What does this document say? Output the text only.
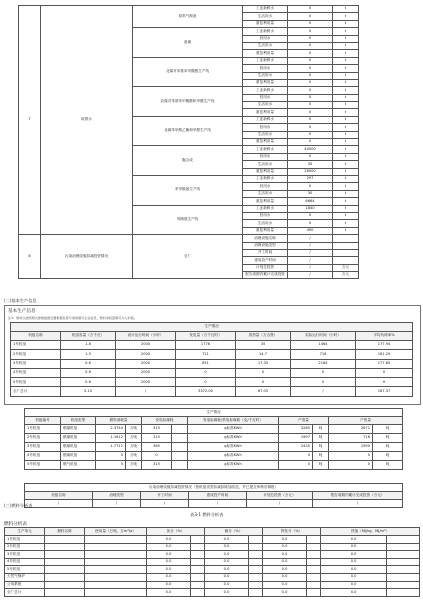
7	取排水	原料气制备	工业新鲜水	0	t
			生活用水	0	t
			重复利用量	0	t
		备煤	工业新鲜水	0	t
			回用水	0	t
			生活用水	0	t
			重复利用量	0	t
		北煤对苯基苯甲酸醛生产线	工业新鲜水	0	t
			回用水	0	t
			生活用水	0	t
			重复利用量	0	t
		北煤对苯基苯甲酸醛和甲醛生产线	工业新鲜水	0	t
			回用水	0	t
			生活用水	0	t
			重复利用量	0	t
		北煤苯甲酸乙酯和甲醛生产线	工业新鲜水	0	t
			回用水	0	t
			生活用水	0	t
			重复利用量	0	t
		甑合成	工业新鲜水	40000	t
			回用水	0	t
			生活用水	30	t
			重复利用量	26000	t
		苯甲酸氨生产线	工业新鲜水	297	t
			回用水	0	t
			生活用水	30	t
			重复利用量	6664	t
		邻硝基生产线	工业新鲜水	1840	t
			回用水	0	t
			生活用水	0	t
			重复利用量	490	t
8	污染治理设施扣减投资情况	全厂	治理设施名称	/	
			治理设施类型	/	
			开工时间	/	
			建成投产时间	/	
			计划总投资	/	万元
			报告周期内累计完成投资	/	万元
(二)基本生产信息
基本生产信息
注1：燃料以按照相关参数数据且要根据其部分划别填写企业信息，燃料消耗量填写为入炉值。
生产情况						
机组名称	机组容量（万千瓦）	设计运行时间（小时）	发电量（万千瓦时）	供热量（万吉焦）	实际运行时间（小时）	平均负荷率%
1号机组	1.8	2000	1776	35	1464	177.94
2号机组	1.5	2000	721	14.7	716	161.29
3号机组	0.6	2000	851	17.35	2184	177.65
4号机组	0.6	2000	0	0	0	0
5号机组	0.6	2000	0	0	0	0
全厂总计	5.10	/	3372.00	67.05	/	167.37
生产情况										
机组编号	机组类型	燃料消耗量		发电标煤耗		发电标煤耗/供电标煤耗（克/千瓦时）	产蒸量		产热量	
1号机组	燃煤机组	2.3744	万吨	315		g标准KWh	3265	吨	2671	吨
2号机组	燃煤机组	1.1612	万吨	315		g标准KWh	1997	吨	716	吨
3号机组	燃煤机组	1.7711	万吨	365		g标准KWh	2435	吨	1990	吨
4号机组	燃煤机组	0	万吨	0		g标准KWh	0	吨	0	吨
5号机组	燃气机组	0	万吨	315		g标准KWh	0	吨	0	吨
污染治理设施扣减投资情况（按机组类型扣减扣除加改造，并已提交审核后填报）					
机组名称	治理类型	开工时间	建成投产时间	计划总投资（万元）	报告周期内累计完成投资（万元）
/	/	/	/	/	/
(三)燃料分析表
表3-1 燃料分析表
燃料分析表
生产单元	燃料名称	使用量（万吨，万m³/a）	灰分（%）		硫分（%）		挥发分（%）		热值（MJ/kg，MJ/m³）	
1号机组			0.0		0.0		0.0		0.0	
2号机组			0.0		0.0		0.0		0.0	
3号机组			0.0		0.0		0.0		0.0	
4号机组			0.0		0.0		0.0		0.0	
5号机组			0.0		0.0		0.0		0.0	
天然气锅炉			0.0		0.0		0.0		0.0	
公用系统			0.0		0.0		0.0		0.0	
全厂总计			0.0		0.0		0.0		0.0	
